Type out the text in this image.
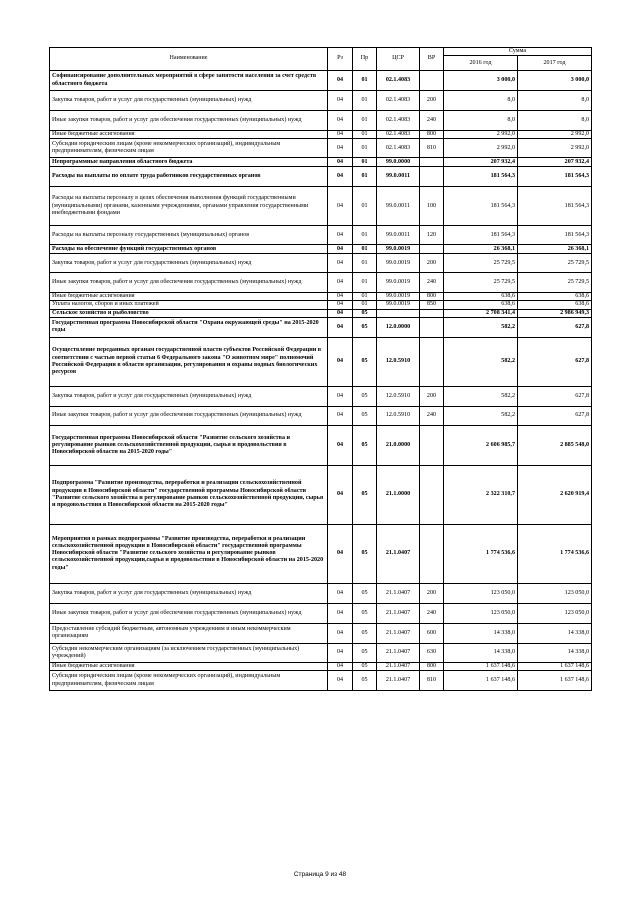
Наименование	Рз	Пр	ЦСР	ВР	Сумма	
					2016 год	2017 год
Софинансирование дополнительных мероприятий в сфере занятости населения за счет средств областного бюджета	04	01	02.1.4083		3 000,0	3 000,0
Закупка товаров, работ и услуг для государственных (муниципальных) нужд	04	01	02.1.4083	200	8,0	8,0
Иные закупки товаров, работ и услуг для обеспечения государственных (муниципальных) нужд	04	01	02.1.4083	240	8,0	8,0
Иные бюджетные ассигнования	04	01	02.1.4083	800	2 992,0	2 992,0
Субсидии юридическим лицам (кроме некоммерческих организаций), индивидуальным предпринимателям, физическим лицам	04	01	02.1.4083	810	2 992,0	2 992,0
Непрограммные направления областного бюджета	04	01	99.0.0000		207 932,4	207 932,4
Расходы на выплаты по оплате труда работников государственных органов	04	01	99.0.0011		181 564,3	181 564,3
Расходы на выплаты персоналу в целях обеспечения выполнения функций государственными (муниципальными) органами, казенными учреждениями, органами управления государственными внебюджетными фондами	04	01	99.0.0011	100	181 564,3	181 564,3
Расходы на выплаты персоналу государственных (муниципальных) органов	04	01	99.0.0011	120	181 564,3	181 564,3
Расходы на обеспечение функций государственных органов	04	01	99.0.0019		26 368,1	26 368,1
Закупка товаров, работ и услуг для государственных (муниципальных) нужд	04	01	99.0.0019	200	25 729,5	25 729,5
Иные закупки товаров, работ и услуг для обеспечения государственных (муниципальных) нужд	04	01	99.0.0019	240	25 729,5	25 729,5
Иные бюджетные ассигнования	04	01	99.0.0019	800	638,6	638,6
Уплата налогов, сборов и иных платежей	04	01	99.0.0019	850	638,6	638,6
Сельское хозяйство и рыболовство	04	05			2 708 341,4	2 986 949,3
Государственная программа Новосибирской области "Охрана окружающей среды" на 2015-2020 годы	04	05	12.0.0000		582,2	627,8
Осуществление переданных органам государственной власти субъектов Российской Федерации в соответствии с частью первой статьи 6 Федерального закона "О животном мире" полномочий Российской Федерации в области организации, регулирования и охраны водных биологических ресурсов	04	05	12.0.5910		582,2	627,8
Закупка товаров, работ и услуг для государственных (муниципальных) нужд	04	05	12.0.5910	200	582,2	627,8
Иные закупки товаров, работ и услуг для обеспечения государственных (муниципальных) нужд	04	05	12.0.5910	240	582,2	627,8
Государственная программа Новосибирской области "Развитие сельского хозяйства и регулирование рынков сельскохозяйственной продукции, сырья и продовольствия в Новосибирской области на 2015-2020 годы"	04	05	21.0.0000		2 606 985,7	2 885 548,0
Подпрограмма "Развитие производства, переработки и реализации сельскохозяйственной продукции в Новосибирской области" государственной программы Новосибирской области "Развитие сельского хозяйства и регулирование рынков сельскохозяйственной продукции, сырья и продовольствия в Новосибирской области на 2015-2020 годы"	04	05	21.1.0000		2 322 310,7	2 620 919,4
Мероприятия в рамках подпрограммы "Развитие производства, переработки и реализации сельскохозяйственной продукции в Новосибирской области" государственной программы Новосибирской области "Развитие сельского хозяйства и регулирование рынков сельскохозяйственной продукции,сырья и продовольствия в Новосибирской области на 2015-2020 годы"	04	05	21.1.0407		1 774 536,6	1 774 536,6
Закупка товаров, работ и услуг для государственных (муниципальных) нужд	04	05	21.1.0407	200	123 050,0	123 050,0
Иные закупки товаров, работ и услуг для обеспечения государственных (муниципальных) нужд	04	05	21.1.0407	240	123 050,0	123 050,0
Предоставление субсидий бюджетным, автономным учреждениям и иным некоммерческим организациям	04	05	21.1.0407	600	14 338,0	14 338,0
Субсидии некоммерческим организациям (за исключением государственных (муниципальных) учреждений)	04	05	21.1.0407	630	14 338,0	14 338,0
Иные бюджетные ассигнования	04	05	21.1.0407	800	1 637 148,6	1 637 148,6
Субсидии юридическим лицам (кроме некоммерческих организаций), индивидуальным предпринимателям, физическим лицам	04	05	21.1.0407	810	1 637 148,6	1 637 148,6
Страница 9 из 48
